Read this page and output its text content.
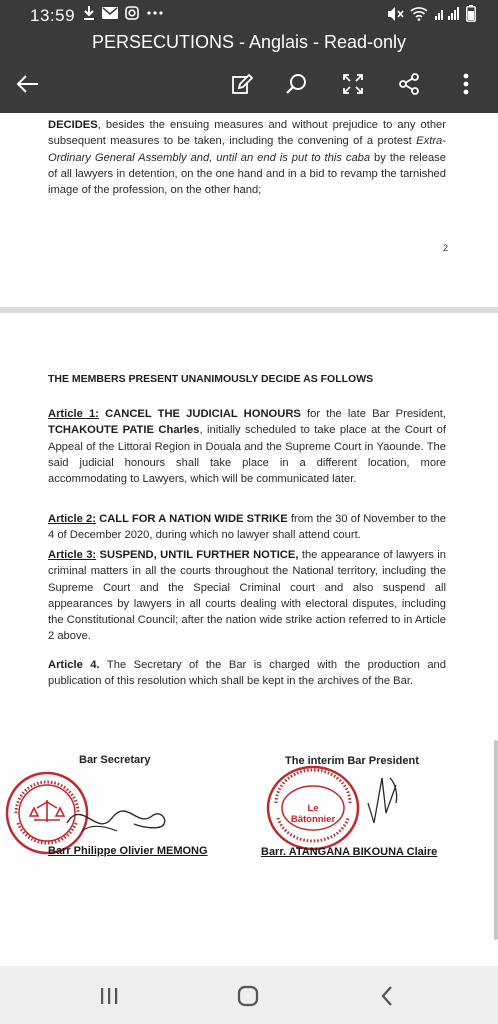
13:59
PERSECUTIONS - Anglais - Read-only
DECIDES, besides the ensuing measures and without prejudice to any other subsequent measures to be taken, including the convening of a protest Extra-Ordinary General Assembly and, until an end is put to this caba by the release of all lawyers in detention, on the one hand and in a bid to revamp the tarnished image of the profession, on the other hand;
2
THE MEMBERS PRESENT UNANIMOUSLY DECIDE AS FOLLOWS
Article 1: CANCEL THE JUDICIAL HONOURS for the late Bar President, TCHAKOUTE PATIE Charles, initially scheduled to take place at the Court of Appeal of the Littoral Region in Douala and the Supreme Court in Yaounde. The said judicial honours shall take place in a different location, more accommodating to Lawyers, which will be communicated later.
Article 2: CALL FOR A NATION WIDE STRIKE from the 30 of November to the 4 of December 2020, during which no lawyer shall attend court.
Article 3: SUSPEND, UNTIL FURTHER NOTICE, the appearance of lawyers in criminal matters in all the courts throughout the National territory, including the Supreme Court and the Special Criminal court and also suspend all appearances by lawyers in all courts dealing with electoral disputes, including the Constitutional Council; after the nation wide strike action referred to in Article 2 above.
Article 4. The Secretary of the Bar is charged with the production and publication of this resolution which shall be kept in the archives of the Bar.
Bar Secretary	The interim Bar President
Le Bâtonnier
Barr Philippe Olivier MEMONG	Barr. ATANGANA BIKOUNA Claire
